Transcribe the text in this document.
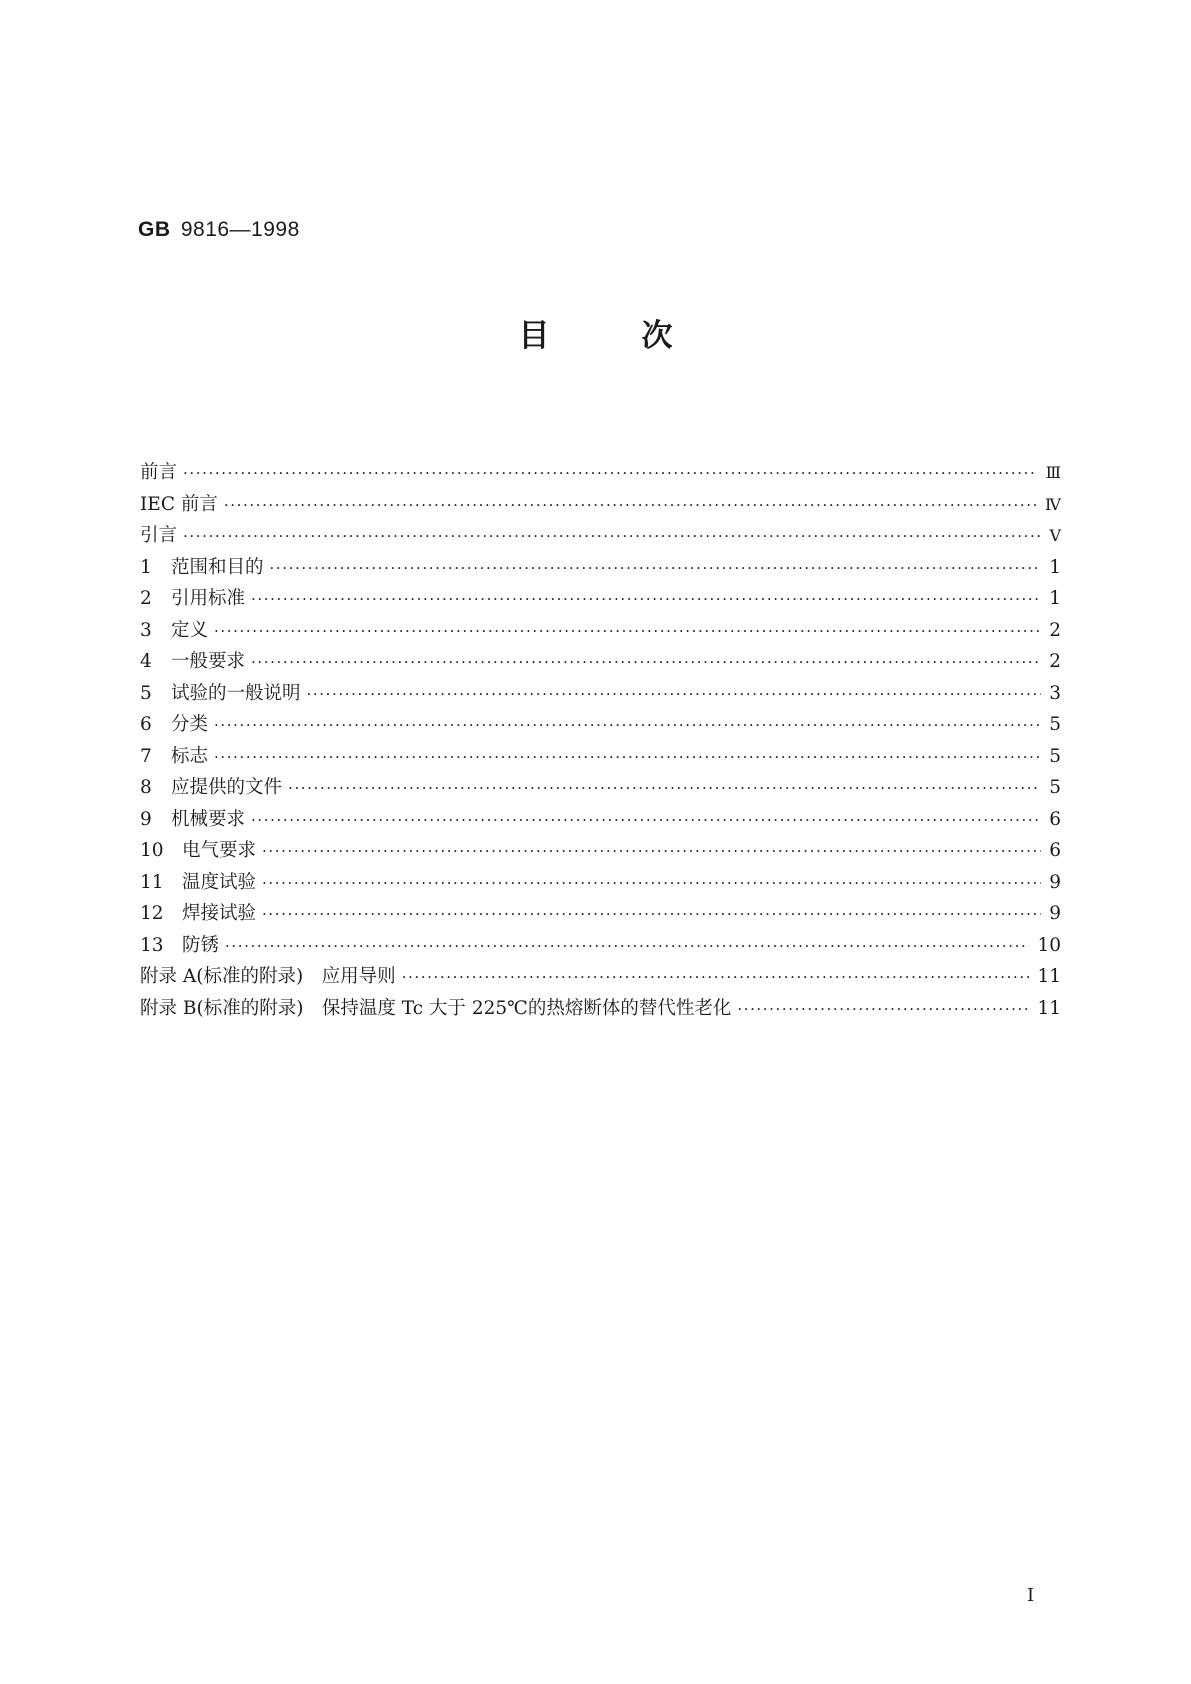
GB 9816—1998
目	次
前言 ·····	Ⅲ
IEC 前言 ·····	Ⅳ
引言 ·····	Ⅴ
1	范围和目的 ·····	1
2	引用标准 ·····	1
3	定义 ·····	2
4	一般要求 ·····	2
5	试验的一般说明 ·····	3
6	分类 ·····	5
7	标志 ·····	5
8	应提供的文件 ·····	5
9	机械要求 ·····	6
10 电气要求 ·····	6
11 温度试验 ·····	9
12 焊接试验 ·····	9
13 防锈 ·····	10
附录 A(标准的附录)　应用导则 ·····	11
附录 B(标准的附录)　保持温度 Tc 大于 225℃的热熔断体的替代性老化 ·····	11
I
